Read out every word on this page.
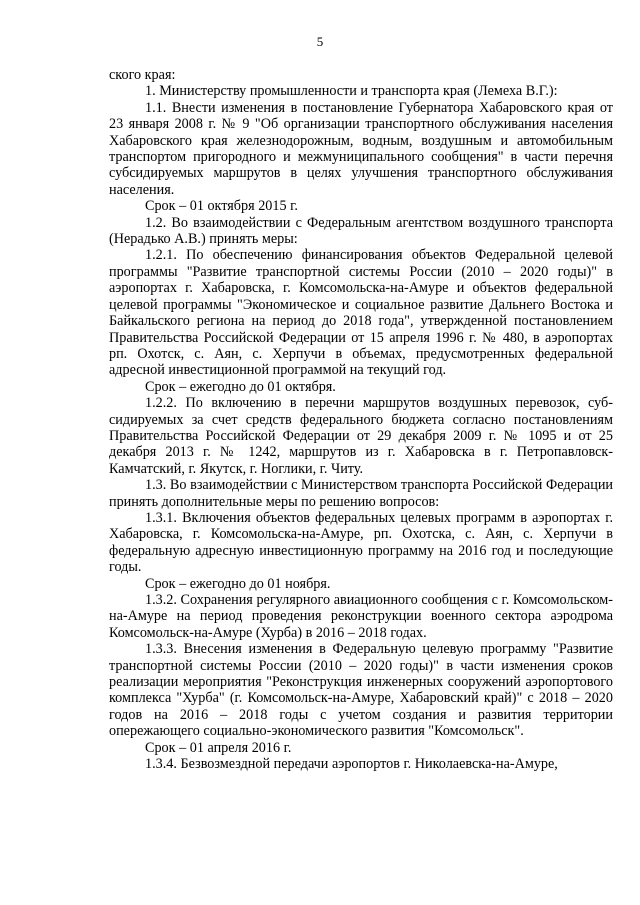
5

ского края:

1. Министерству промышленности и транспорта края (Лемеха В.Г.):

1.1. Внести изменения в постановление Губернатора Хабаровского края от 23 января 2008 г. № 9 "Об организации транспортного обслуживания населения Хабаровского края железнодорожным, водным, воздушным и автомобильным транспортом пригородного и межмуниципального сообщения" в части перечня субсидируемых маршрутов в целях улучшения транспортного обслуживания населения.

Срок – 01 октября 2015 г.

1.2. Во взаимодействии с Федеральным агентством воздушного транспорта (Нерадько А.В.) принять меры:

1.2.1. По обеспечению финансирования объектов Федеральной целевой программы "Развитие транспортной системы России (2010 – 2020 годы)" в аэропортах г. Хабаровска, г. Комсомольска-на-Амуре и объектов федеральной целевой программы "Экономическое и социальное развитие Дальнего Востока и Байкальского региона на период до 2018 года", утвержденной постановлением Правительства Российской Федерации от 15 апреля 1996 г. № 480, в аэропортах рп. Охотск, с. Аян, с. Херпучи в объемах, предусмотренных федеральной адресной инвестиционной программой на текущий год.

Срок – ежегодно до 01 октября.

1.2.2. По включению в перечни маршрутов воздушных перевозок, субсидируемых за счет средств федерального бюджета согласно постановлениям Правительства Российской Федерации от 29 декабря 2009 г. № 1095 и от 25 декабря 2013 г. № 1242, маршрутов из г. Хабаровска в г. Петропавловск-Камчатский, г. Якутск, г. Ноглики, г. Читу.

1.3. Во взаимодействии с Министерством транспорта Российской Федерации принять дополнительные меры по решению вопросов:

1.3.1. Включения объектов федеральных целевых программ в аэропортах г. Хабаровска, г. Комсомольска-на-Амуре, рп. Охотска, с. Аян, с. Херпучи в федеральную адресную инвестиционную программу на 2016 год и последующие годы.

Срок – ежегодно до 01 ноября.

1.3.2. Сохранения регулярного авиационного сообщения с г. Комсомольском-на-Амуре на период проведения реконструкции военного сектора аэродрома Комсомольск-на-Амуре (Хурба) в 2016 – 2018 годах.

1.3.3. Внесения изменения в Федеральную целевую программу "Развитие транспортной системы России (2010 – 2020 годы)" в части изменения сроков реализации мероприятия "Реконструкция инженерных сооружений аэропортового комплекса "Хурба" (г. Комсомольск-на-Амуре, Хабаровский край)" с 2018 – 2020 годов на 2016 – 2018 годы с учетом создания и развития территории опережающего социально-экономического развития "Комсомольск".

Срок – 01 апреля 2016 г.

1.3.4. Безвозмездной передачи аэропортов г. Николаевска-на-Амуре,
